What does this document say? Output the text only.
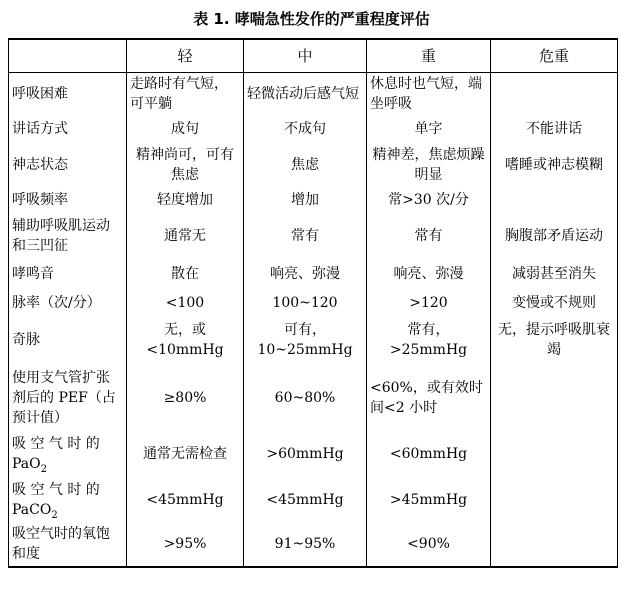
表 1. 哮喘急性发作的严重程度评估
	轻	中	重	危重
呼吸困难	走路时有气短，可平躺	轻微活动后感气短	休息时也气短，端坐呼吸	
讲话方式	成句	不成句	单字	不能讲话
神志状态	精神尚可，可有焦虑	焦虑	精神差，焦虑烦躁明显	嗜睡或神志模糊
呼吸频率	轻度增加	增加	常>30 次/分	
辅助呼吸肌运动和三凹征	通常无	常有	常有	胸腹部矛盾运动
哮鸣音	散在	响亮、弥漫	响亮、弥漫	减弱甚至消失
脉率（次/分）	<100	100~120	>120	变慢或不规则
奇脉	无，或<10mmHg	可有，10~25mmHg	常有，>25mmHg	无，提示呼吸肌衰竭
使用支气管扩张剂后的 PEF（占预计值）	≥80%	60~80%	<60%，或有效时间<2 小时	
吸 空 气 时 的 PaO$_2$	通常无需检查	>60mmHg	<60mmHg	
吸 空 气 时 的 PaCO$_2$	<45mmHg	<45mmHg	>45mmHg	
吸空气时的氧饱和度	>95%	91~95%	<90%	
